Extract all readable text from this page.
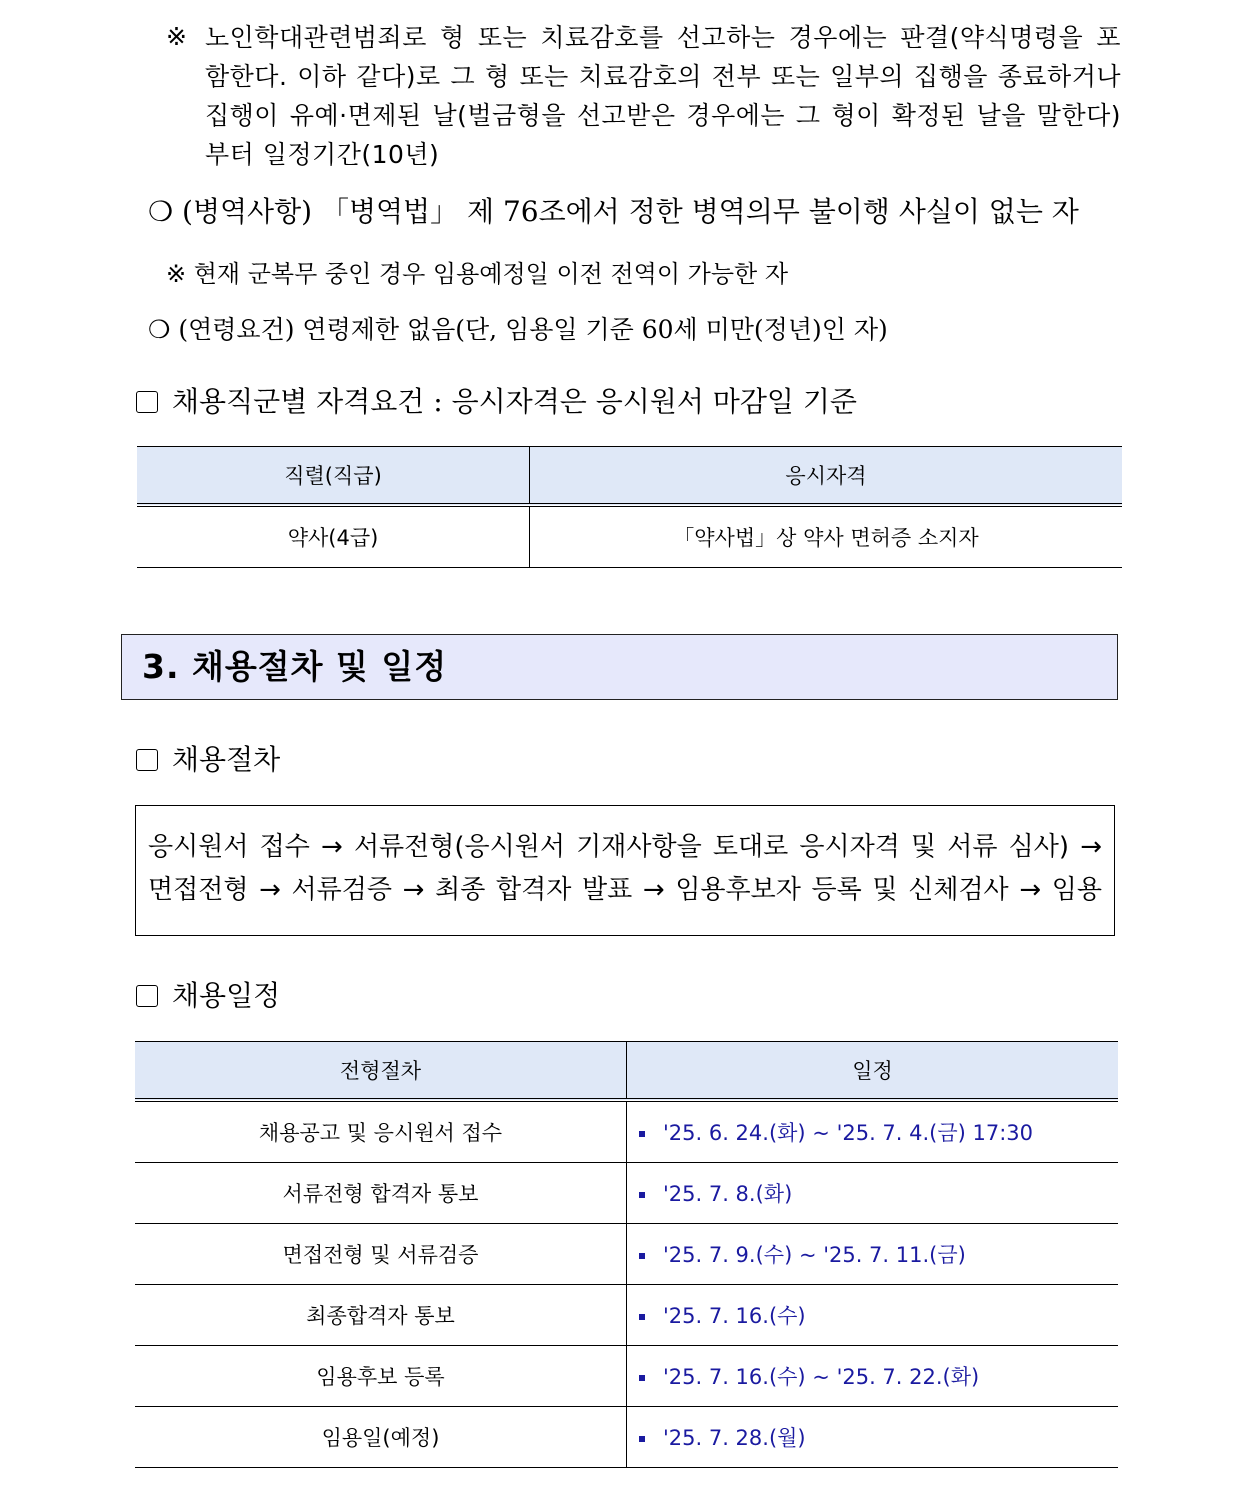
※ 노인학대관련범죄로 형 또는 치료감호를 선고하는 경우에는 판결(약식명령을 포
함한다. 이하 같다)로 그 형 또는 치료감호의 전부 또는 일부의 집행을 종료하거나
집행이 유예·면제된 날(벌금형을 선고받은 경우에는 그 형이 확정된 날을 말한다)
부터 일정기간(10년)
❍ (병역사항) 「병역법」 제 76조에서 정한 병역의무 불이행 사실이 없는 자
※ 현재 군복무 중인 경우 임용예정일 이전 전역이 가능한 자
❍ (연령요건) 연령제한 없음(단, 임용일 기준 60세 미만(정년)인 자)
채용직군별 자격요건 : 응시자격은 응시원서 마감일 기준
직렬(직급)	응시자격
약사(4급)	「약사법」상 약사 면허증 소지자
3. 채용절차 및 일정
채용절차
응시원서 접수 → 서류전형(응시원서 기재사항을 토대로 응시자격 및 서류 심사) →
면접전형 → 서류검증 → 최종 합격자 발표 → 임용후보자 등록 및 신체검사 → 임용
채용일정
전형절차	일정
채용공고 및 응시원서 접수	'25. 6. 24.(화) ~ '25. 7. 4.(금) 17:30
서류전형 합격자 통보	'25. 7. 8.(화)
면접전형 및 서류검증	'25. 7. 9.(수) ~ '25. 7. 11.(금)
최종합격자 통보	'25. 7. 16.(수)
임용후보 등록	'25. 7. 16.(수) ~ '25. 7. 22.(화)
임용일(예정)	'25. 7. 28.(월)
